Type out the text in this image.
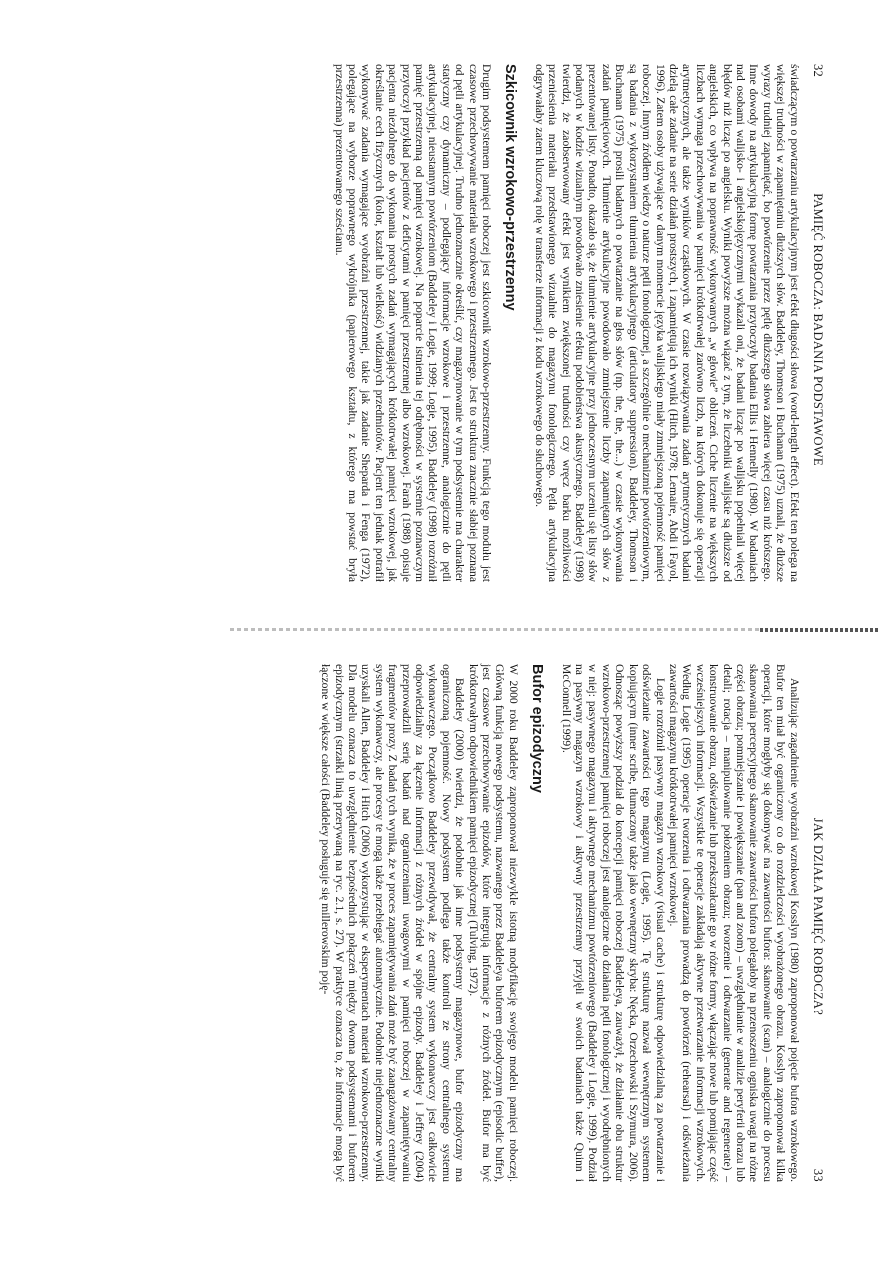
32
PAMIĘĆ ROBOCZA: BADANIA PODSTAWOWE

świadczącym o powtarzaniu artykulacyjnym jest efekt długości słowa (word-length effect). Efekt ten polega na większej trudności w zapamiętaniu dłuższych słów. Baddeley, Thomson i Buchanan (1975) uznali, że dłuższe wyrazy trudniej zapamiętać, bo powtórzenie przez pętlę dłuższego słowa zabiera więcej czasu niż krótszego. Inne dowody na artykulacyjną formę powtarzania przytoczyły badania Ellis i Hennelly (1980). W badaniach nad osobami walijsko- i angielskojęzycznymi wykazali oni, że badani licząc po walijsku popełniali więcej błędów niż licząc po angielsku. Wyniki powyższe można wiązać z tym, że liczebniki walijskie są dłuższe od angielskich, co wpływa na poprawność wykonywanych „w głowie” obliczeń. Ciche liczenie na większych liczbach wymaga przechowywania w pamięci krótkotrwałej zarówno liczb, na których dokonuje się operacji arytmetycznych, ale także wyników cząstkowych. W czasie rozwiązywania zadań arytmetycznych badani dzielą całe zadanie na serie działań prostszych, i zapamiętują ich wyniki (Hitch, 1978; Lemaire, Abdi i Fayol, 1996). Zatem osoby używające w danym momencie języka walijskiego miały zmniejszoną pojemność pamięci roboczej. Innym źródłem wiedzy o naturze pętli fonologicznej, a szczególnie o mechanizmie powtórzeniowym, są badania z wykorzystaniem tłumienia artykulacyjnego (articulatory suppression). Baddeley, Thomson i Buchanan (1975) prosili badanych o powtarzanie na głos słów (np. the, the, the...) w czasie wykonywania zadań pamięciowych. Tłumienie artykulacyjne powodowało zmniejszenie liczby zapamiętanych słów z prezentowanej listy. Ponadto, okazało się, że tłumienie artykulacyjne przy jednoczesnym uczeniu się listy słów podanych w kodzie wizualnym powodowało zniesienie efektu podobieństwa akustycznego. Baddeley (1998) twierdzi, że zaobserwowany efekt jest wynikiem zwiększonej trudności czy wręcz barku możliwości przeniesienia materiału przedstawionego wizualnie do magazynu fonologicznego. Pętla artykulacyjna odgrywałaby zatem kluczową rolę w transferze informacji z kodu wzrokowego do słuchowego.

Szkicownik wzrokowo-przestrzenny

Drugim podsystemem pamięci roboczej jest szkicownik wzrokowo-przestrzenny. Funkcją tego modułu jest czasowe przechowywanie materiału wzrokowego i przestrzennego. Jest to struktura znacznie słabiej poznana od pętli artykulacyjnej. Trudno jednoznacznie określić, czy magazynowanie w tym podsystemie ma charakter statyczny czy dynamiczny – podlegający informacje wzrokowe i przestrzenne, analogicznie do pętli artykulacyjnej, nieustannym powtórzeniom (Baddeley i Logie, 1999; Logie, 1995). Baddeley (1998) rozróżnił pamięć przestrzenną od pamięci wzrokowej. Na poparcie istnienia tej odrębności w systemie poznawczym przytoczył przykład pacjentów z deficytami w pamięci przestrzennej albo wzrokowej. Farah (1988) opisuje pacjenta niezdolnego do wykonania prostych zadań wymagających krótkotrwałej pamięci wzrokowej, jak określanie cech fizycznych (kolor, kształt lub wielkość) widzianych przedmiotów. Pacjent ten jednak potrafił wykonywać zadania wymagające wyobraźni przestrzennej, takie jak zadanie Sheparda i Fenga (1972), polegające na wyborze poprawnego wykrójnika (papierowego kształtu, z którego ma powstać bryła przestrzenna) prezentowanego sześcianu.

JAK DZIAŁA PAMIĘĆ ROBOCZA?
33

Analizując zagadnienie wyobraźni wzrokowej Kosslyn (1980) zaproponował pojęcie bufora wzrokowego. Bufor ten miał być ograniczony co do rozdzielczości wyobrażonego obrazu. Kosslyn zaproponował kilka operacji, które mogłyby się dokonywać na zawartości bufora: skanowanie (scan) – analogicznie do procesu skanowania percepcyjnego skanowanie zawartości bufora polegałoby na przenoszeniu ogniska uwagi na różne części obrazu; pomniejszanie i powiększanie (pan and zoom) – uwzględnianie w analizie peryferii obrazu lub detali; rotacja – manipulowanie położeniem obrazu; tworzenie i odtwarzanie (generate and regenerate) – konstruowanie obrazu, odświeżanie lub przekształcanie go w różne formy, włączając nowe lub pomijając część wcześniejszych informacji. Wszystkie te operacje zakładają aktywne przetwarzanie informacji wzrokowych. Według Logie (1995) operacje tworzenia i odtwarzania prowadzą do powtórzeń (rehearsal) i odświeżania zawartości magazynu krótkotrwałej pamięci wzrokowej.

Logie rozróżnił pasywny magazyn wzrokowy (visual cache) i strukturę odpowiedzialną za powtarzanie i odświeżanie zawartości tego magazynu (Logie, 1995). Tę strukturę nazwał wewnętrznym systemem kopiującym (inner scribe, tłumaczony także jako wewnętrzny skryba: Nęcka, Orzechowski i Szymura, 2006). Odnosząc powyższy podział do koncepcji pamięci roboczej Baddeleya, zauważył, że działanie obu struktur wzrokowo-przestrzennej pamięci roboczej jest analogiczne do działania pętli fonologicznej i wyodrębnionych w niej: pasywnego magazynu i aktywnego mechanizmu powtórzeniowego (Baddeley i Logie, 1999). Podział na pasywny magazyn wzrokowy i aktywny przestrzenny przyjęli w swoich badaniach także Quinn i McConnell (1999).

Bufor epizodyczny

W 2000 roku Baddeley zaproponował niezwykle istotną modyfikację swojego modelu pamięci roboczej. Główną funkcją nowego podsystemu, nazwanego przez Baddeleya buforem epizodycznym (episodic buffer), jest czasowe przechowywanie epizodów, które integrują informacje z różnych źródeł. Bufor ma być krótkotrwałym odpowiednikiem pamięci epizodycznej (Tulving, 1972).

Baddeley (2000) twierdzi, że podobnie jak inne podsystemy magazynowe, bufor epizodyczny ma ograniczoną pojemność. Nowy podsystem podlega także kontroli ze strony centralnego systemu wykonawczego. Początkowo Baddeley przewidywał, że centralny system wykonawczy jest całkowicie odpowiedzialny za łączenie informacji z różnych źródeł w spójne epizody. Baddeley i Jeffrey (2004) przeprowadzili serię badań nad ograniczeniami uwagowymi w pamięci roboczej w zapamiętywaniu fragmentów prozy. Z badań tych wynika, że w proces zapamiętywania zdań może być zaangażowany centralny system wykonawczy, ale procesy te mogą także przebiegać automatycznie. Podobnie niejednoznaczne wyniki uzyskali Allen, Baddeley i Hitch (2006) wykorzystując w eksperymentach materiał wzrokowo-przestrzenny. Dla modelu oznacza to uwzględnienie bezpośrednich połączeń między dwoma podsystemami i buforem epizodycznym (strzałki linią przerywaną na ryc. 2.1, s. 27). W praktyce oznacza to, że informacje mogą być łączone w większe całości (Baddeley posługuje się millerowskim poję-
